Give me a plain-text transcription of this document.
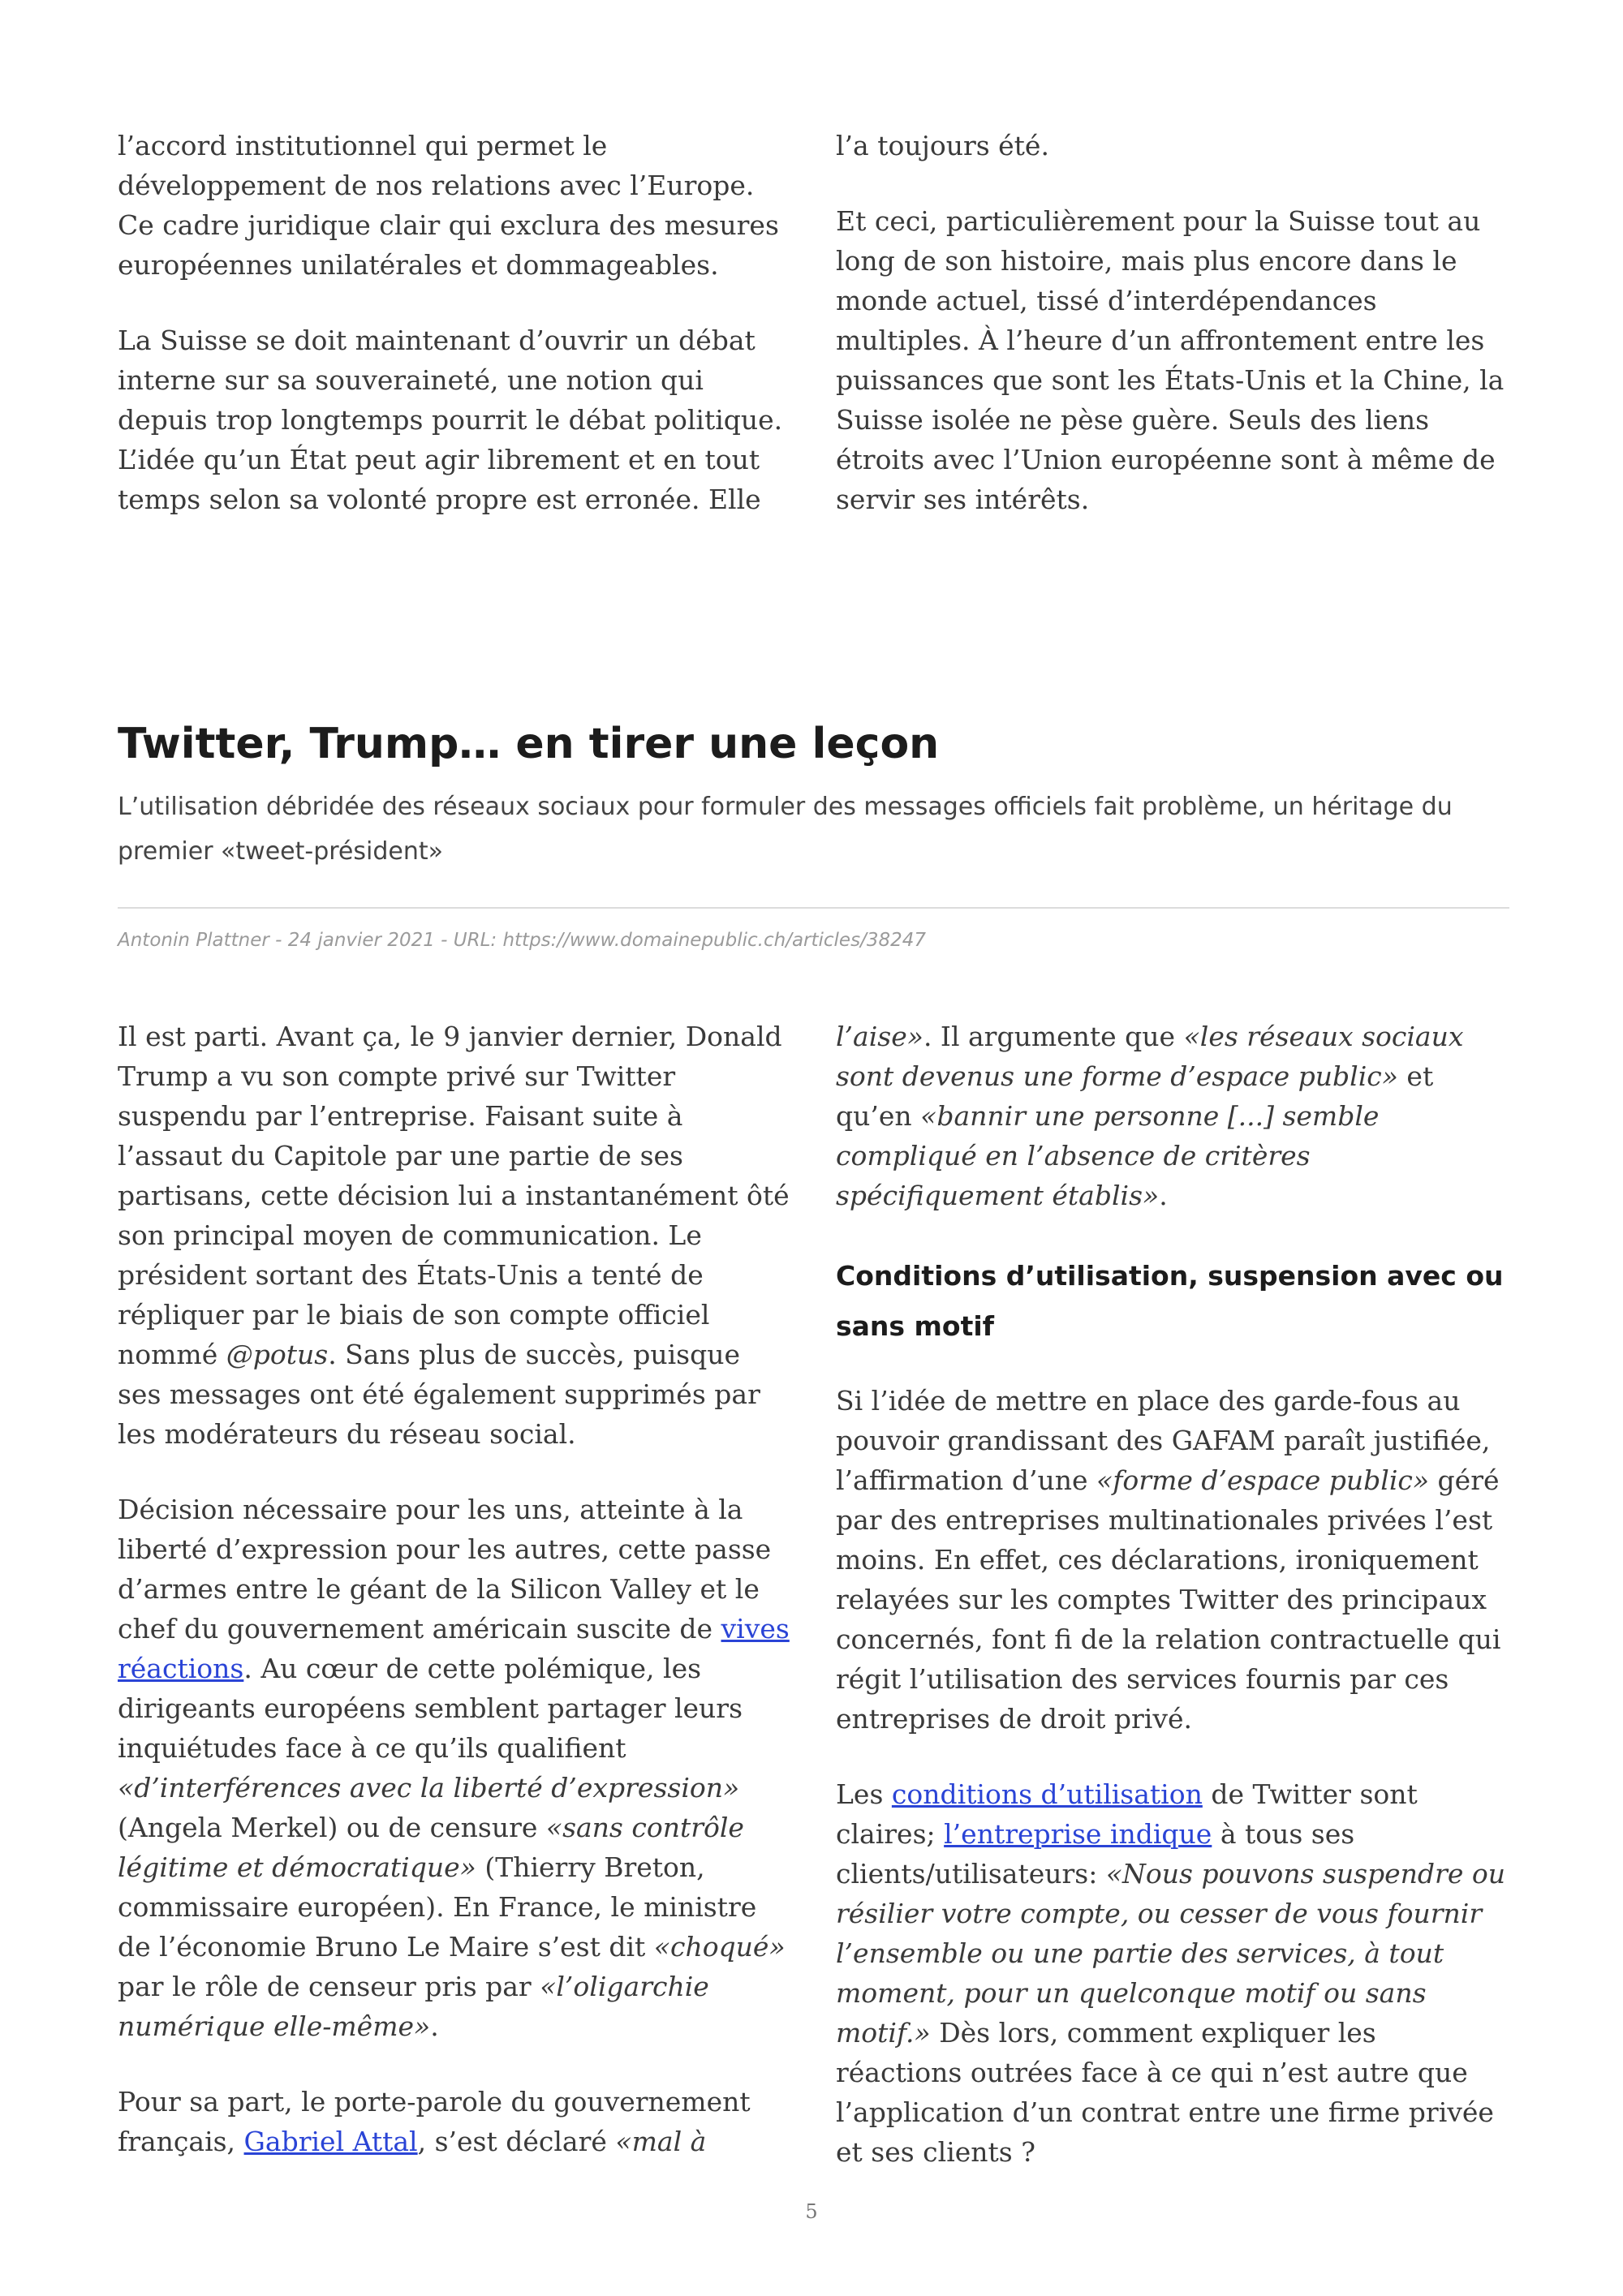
l’accord institutionnel qui permet le développement de nos relations avec l’Europe. Ce cadre juridique clair qui exclura des mesures européennes unilatérales et dommageables.

La Suisse se doit maintenant d’ouvrir un débat interne sur sa souveraineté, une notion qui depuis trop longtemps pourrit le débat politique. L’idée qu’un État peut agir librement et en tout temps selon sa volonté propre est erronée. Elle

l’a toujours été.

Et ceci, particulièrement pour la Suisse tout au long de son histoire, mais plus encore dans le monde actuel, tissé d’interdépendances multiples. À l’heure d’un affrontement entre les puissances que sont les États-Unis et la Chine, la Suisse isolée ne pèse guère. Seuls des liens étroits avec l’Union européenne sont à même de servir ses intérêts.

Twitter, Trump… en tirer une leçon

L’utilisation débridée des réseaux sociaux pour formuler des messages officiels fait problème, un héritage du premier «tweet-président»

Antonin Plattner - 24 janvier 2021 - URL: https://www.domainepublic.ch/articles/38247

Il est parti. Avant ça, le 9 janvier dernier, Donald Trump a vu son compte privé sur Twitter suspendu par l’entreprise. Faisant suite à l’assaut du Capitole par une partie de ses partisans, cette décision lui a instantanément ôté son principal moyen de communication. Le président sortant des États-Unis a tenté de répliquer par le biais de son compte officiel nommé @potus. Sans plus de succès, puisque ses messages ont été également supprimés par les modérateurs du réseau social.

Décision nécessaire pour les uns, atteinte à la liberté d’expression pour les autres, cette passe d’armes entre le géant de la Silicon Valley et le chef du gouvernement américain suscite de vives réactions. Au cœur de cette polémique, les dirigeants européens semblent partager leurs inquiétudes face à ce qu’ils qualifient «d’interférences avec la liberté d’expression» (Angela Merkel) ou de censure «sans contrôle légitime et démocratique» (Thierry Breton, commissaire européen). En France, le ministre de l’économie Bruno Le Maire s’est dit «choqué» par le rôle de censeur pris par «l’oligarchie numérique elle-même».

Pour sa part, le porte-parole du gouvernement français, Gabriel Attal, s’est déclaré «mal à

l’aise». Il argumente que «les réseaux sociaux sont devenus une forme d’espace public» et qu’en «bannir une personne [...] semble compliqué en l’absence de critères spécifiquement établis».

Conditions d’utilisation, suspension avec ou sans motif

Si l’idée de mettre en place des garde-fous au pouvoir grandissant des GAFAM paraît justifiée, l’affirmation d’une «forme d’espace public» géré par des entreprises multinationales privées l’est moins. En effet, ces déclarations, ironiquement relayées sur les comptes Twitter des principaux concernés, font fi de la relation contractuelle qui régit l’utilisation des services fournis par ces entreprises de droit privé.

Les conditions d’utilisation de Twitter sont claires; l’entreprise indique à tous ses clients/utilisateurs: «Nous pouvons suspendre ou résilier votre compte, ou cesser de vous fournir l’ensemble ou une partie des services, à tout moment, pour un quelconque motif ou sans motif.» Dès lors, comment expliquer les réactions outrées face à ce qui n’est autre que l’application d’un contrat entre une firme privée et ses clients ?

5
